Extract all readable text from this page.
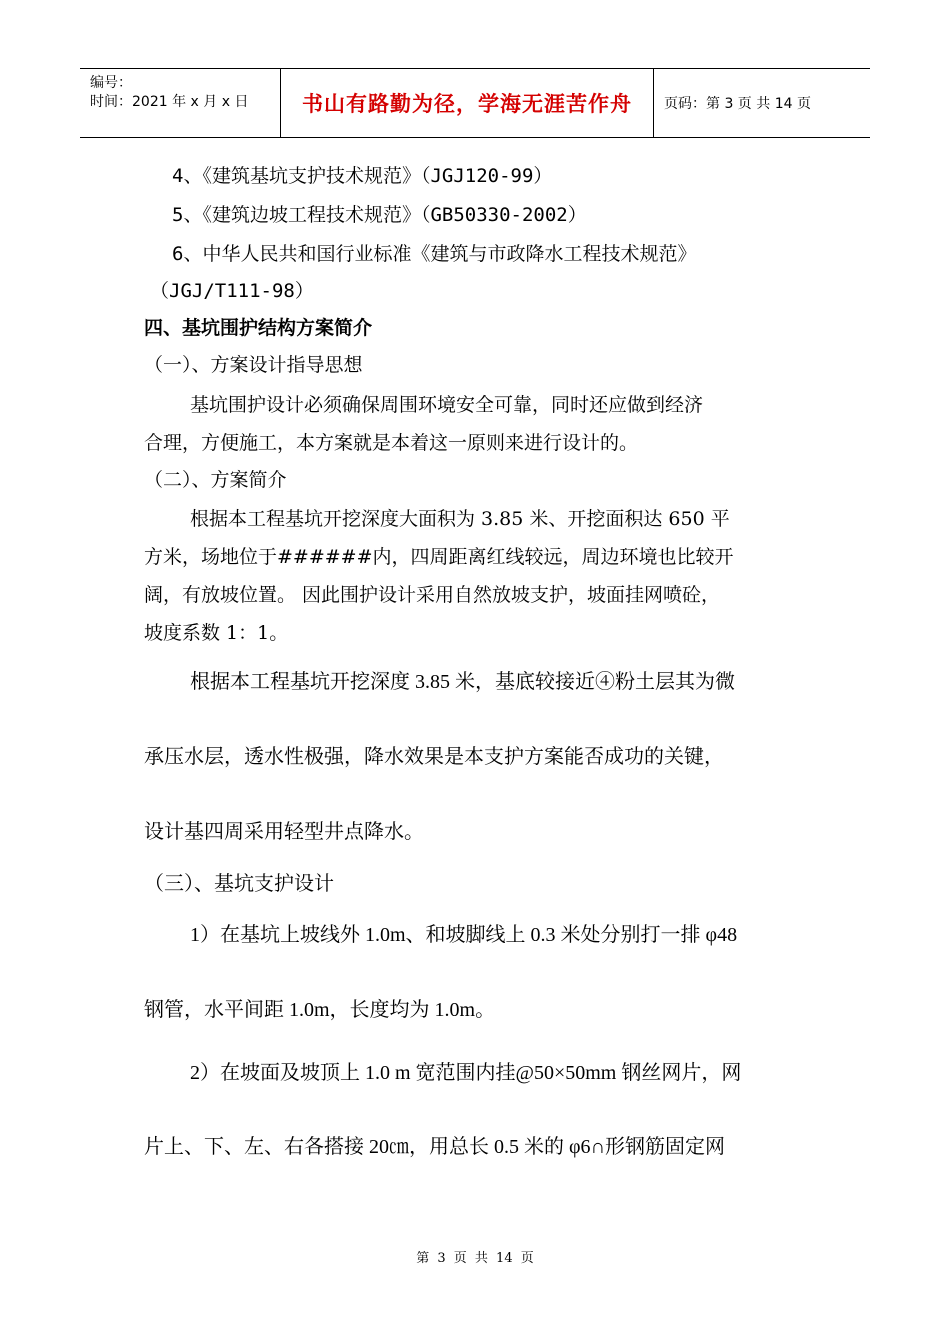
编号：
时间：2021 年 x 月 x 日	书山有路勤为径，学海无涯苦作舟	页码：第 3 页 共 14 页
4、《建筑基坑支护技术规范》（JGJ120-99）
5、《建筑边坡工程技术规范》（GB50330-2002）
6、中华人民共和国行业标准《建筑与市政降水工程技术规范》
（JGJ/T111-98）
四、基坑围护结构方案简介
（一）、方案设计指导思想
基坑围护设计必须确保周围环境安全可靠，同时还应做到经济
合理，方便施工，本方案就是本着这一原则来进行设计的。
（二）、方案简介
根据本工程基坑开挖深度大面积为 3.85 米、开挖面积达 650 平
方米，场地位于######内，四周距离红线较远，周边环境也比较开
阔，有放坡位置。 因此围护设计采用自然放坡支护，坡面挂网喷砼，
坡度系数 1：1。
根据本工程基坑开挖深度 3.85 米，基底较接近④粉土层其为微
承压水层，透水性极强，降水效果是本支护方案能否成功的关键，
设计基四周采用轻型井点降水。
（三）、基坑支护设计
1）在基坑上坡线外 1.0m、和坡脚线上 0.3 米处分别打一排 φ48
钢管，水平间距 1.0m，长度均为 1.0m。
2）在坡面及坡顶上 1.0 m 宽范围内挂@50×50mm 钢丝网片，网
片上、下、左、右各搭接 20㎝，用总长 0.5 米的 φ6∩形钢筋固定网
第 3 页 共 14 页
